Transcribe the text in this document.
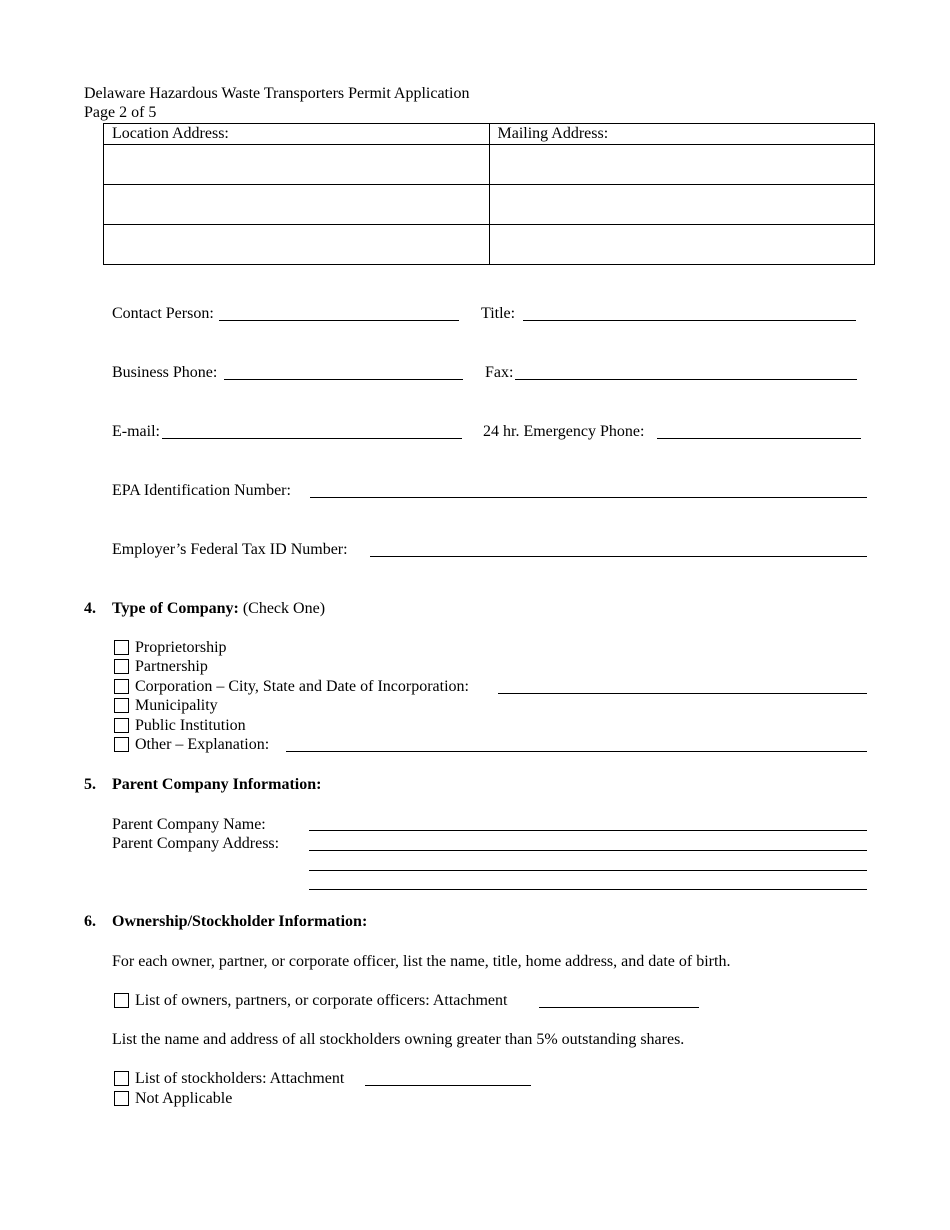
Delaware Hazardous Waste Transporters Permit Application
Page 2 of 5
Location Address:	Mailing Address:

Contact Person:	Title:
Business Phone:	Fax:
E-mail:	24 hr. Emergency Phone:
EPA Identification Number:
Employer’s Federal Tax ID Number:
4. Type of Company: (Check One)
Proprietorship
Partnership
Corporation – City, State and Date of Incorporation:
Municipality
Public Institution
Other – Explanation:
5. Parent Company Information:
Parent Company Name:
Parent Company Address:
6. Ownership/Stockholder Information:
For each owner, partner, or corporate officer, list the name, title, home address, and date of birth.
List of owners, partners, or corporate officers: Attachment
List the name and address of all stockholders owning greater than 5% outstanding shares.
List of stockholders: Attachment
Not Applicable
